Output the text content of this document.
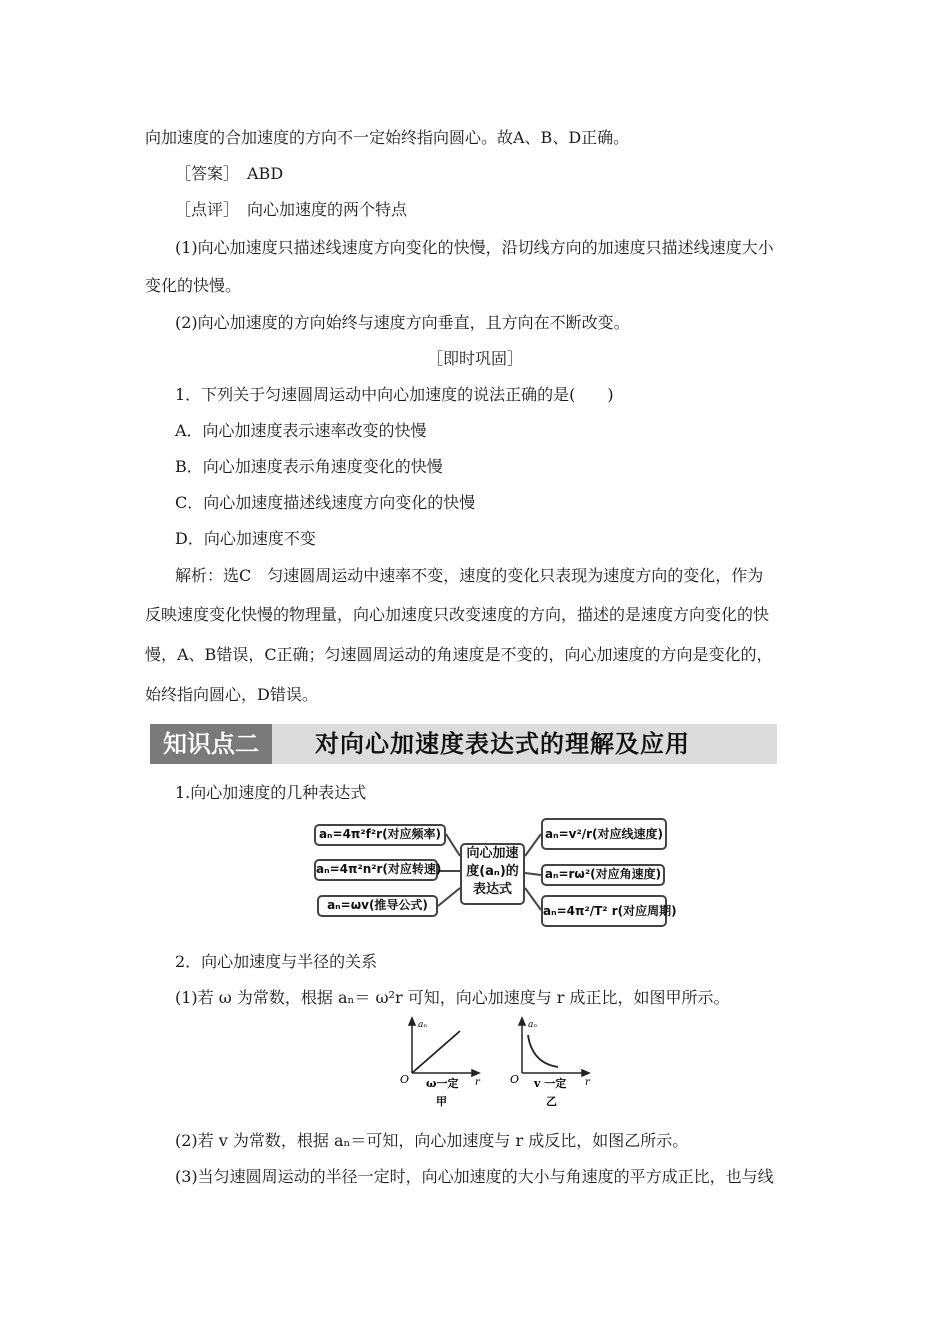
向加速度的合加速度的方向不一定始终指向圆心。故A、B、D正确。
［答案］　ABD
［点评］　向心加速度的两个特点
(1)向心加速度只描述线速度方向变化的快慢，沿切线方向的加速度只描述线速度大小
变化的快慢。
(2)向心加速度的方向始终与速度方向垂直，且方向在不断改变。
［即时巩固］
1．下列关于匀速圆周运动中向心加速度的说法正确的是(　　)
A．向心加速度表示速率改变的快慢
B．向心加速度表示角速度变化的快慢
C．向心加速度描述线速度方向变化的快慢
D．向心加速度不变
解析：选C　匀速圆周运动中速率不变，速度的变化只表现为速度方向的变化，作为
反映速度变化快慢的物理量，向心加速度只改变速度的方向，描述的是速度方向变化的快
慢，A、B错误，C正确；匀速圆周运动的角速度是不变的，向心加速度的方向是变化的，
始终指向圆心，D错误。
知识点二	对向心加速度表达式的理解及应用
1.向心加速度的几种表达式
aₙ=4π²f²r(对应频率)
aₙ=4π²n²r(对应转速)
aₙ=ωv(推导公式)
向心加速
度(aₙ)的
表达式
aₙ=v²/r(对应线速度)
aₙ=rω²(对应角速度)
aₙ=4π²/T² r(对应周期)
2．向心加速度与半径的关系
(1)若 ω 为常数，根据 aₙ＝ ω²r 可知，向心加速度与 r 成正比，如图甲所示。
aₙ
O	r
ω一定
甲
aₙ
O	r
v 一定
乙
(2)若 v 为常数，根据 aₙ＝可知，向心加速度与 r 成反比，如图乙所示。
(3)当匀速圆周运动的半径一定时，向心加速度的大小与角速度的平方成正比，也与线
